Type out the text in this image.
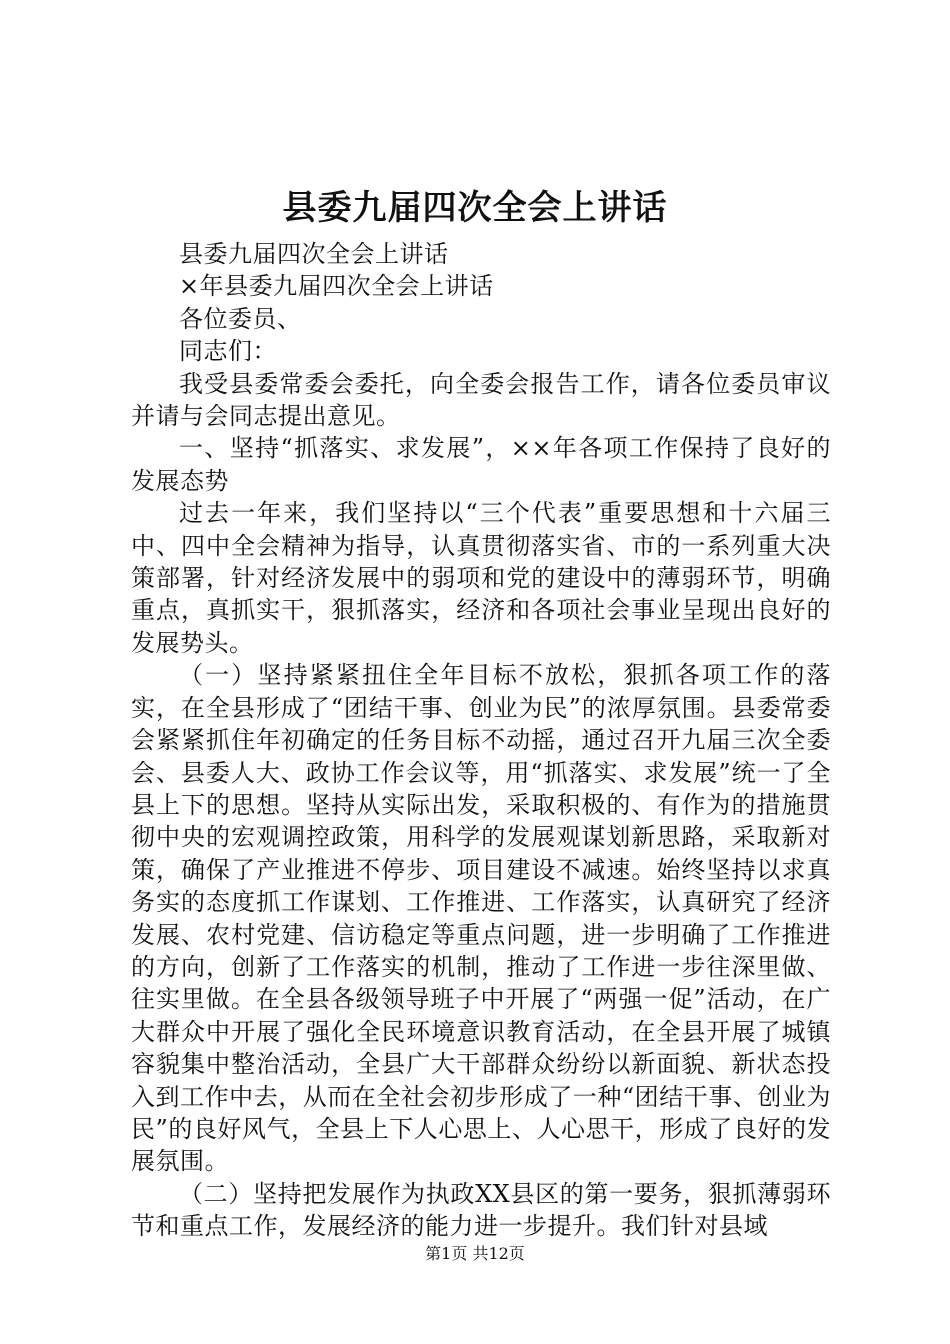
县委九届四次全会上讲话

县委九届四次全会上讲话

×年县委九届四次全会上讲话

各位委员、

同志们：

我受县委常委会委托，向全委会报告工作，请各位委员审议并请与会同志提出意见。

一、坚持“抓落实、求发展”，××年各项工作保持了良好的发展态势

过去一年来，我们坚持以“三个代表”重要思想和十六届三中、四中全会精神为指导，认真贯彻落实省、市的一系列重大决策部署，针对经济发展中的弱项和党的建设中的薄弱环节，明确重点，真抓实干，狠抓落实，经济和各项社会事业呈现出良好的发展势头。

（一）坚持紧紧扭住全年目标不放松，狠抓各项工作的落实，在全县形成了“团结干事、创业为民”的浓厚氛围。县委常委会紧紧抓住年初确定的任务目标不动摇，通过召开九届三次全委会、县委人大、政协工作会议等，用“抓落实、求发展”统一了全县上下的思想。坚持从实际出发，采取积极的、有作为的措施贯彻中央的宏观调控政策，用科学的发展观谋划新思路，采取新对策，确保了产业推进不停步、项目建设不减速。始终坚持以求真务实的态度抓工作谋划、工作推进、工作落实，认真研究了经济发展、农村党建、信访稳定等重点问题，进一步明确了工作推进的方向，创新了工作落实的机制，推动了工作进一步往深里做、往实里做。在全县各级领导班子中开展了“两强一促”活动，在广大群众中开展了强化全民环境意识教育活动，在全县开展了城镇容貌集中整治活动，全县广大干部群众纷纷以新面貌、新状态投入到工作中去，从而在全社会初步形成了一种“团结干事、创业为民”的良好风气，全县上下人心思上、人心思干，形成了良好的发展氛围。

（二）坚持把发展作为执政XX县区的第一要务，狠抓薄弱环节和重点工作，发展经济的能力进一步提升。我们针对县域

第1页 共12页
